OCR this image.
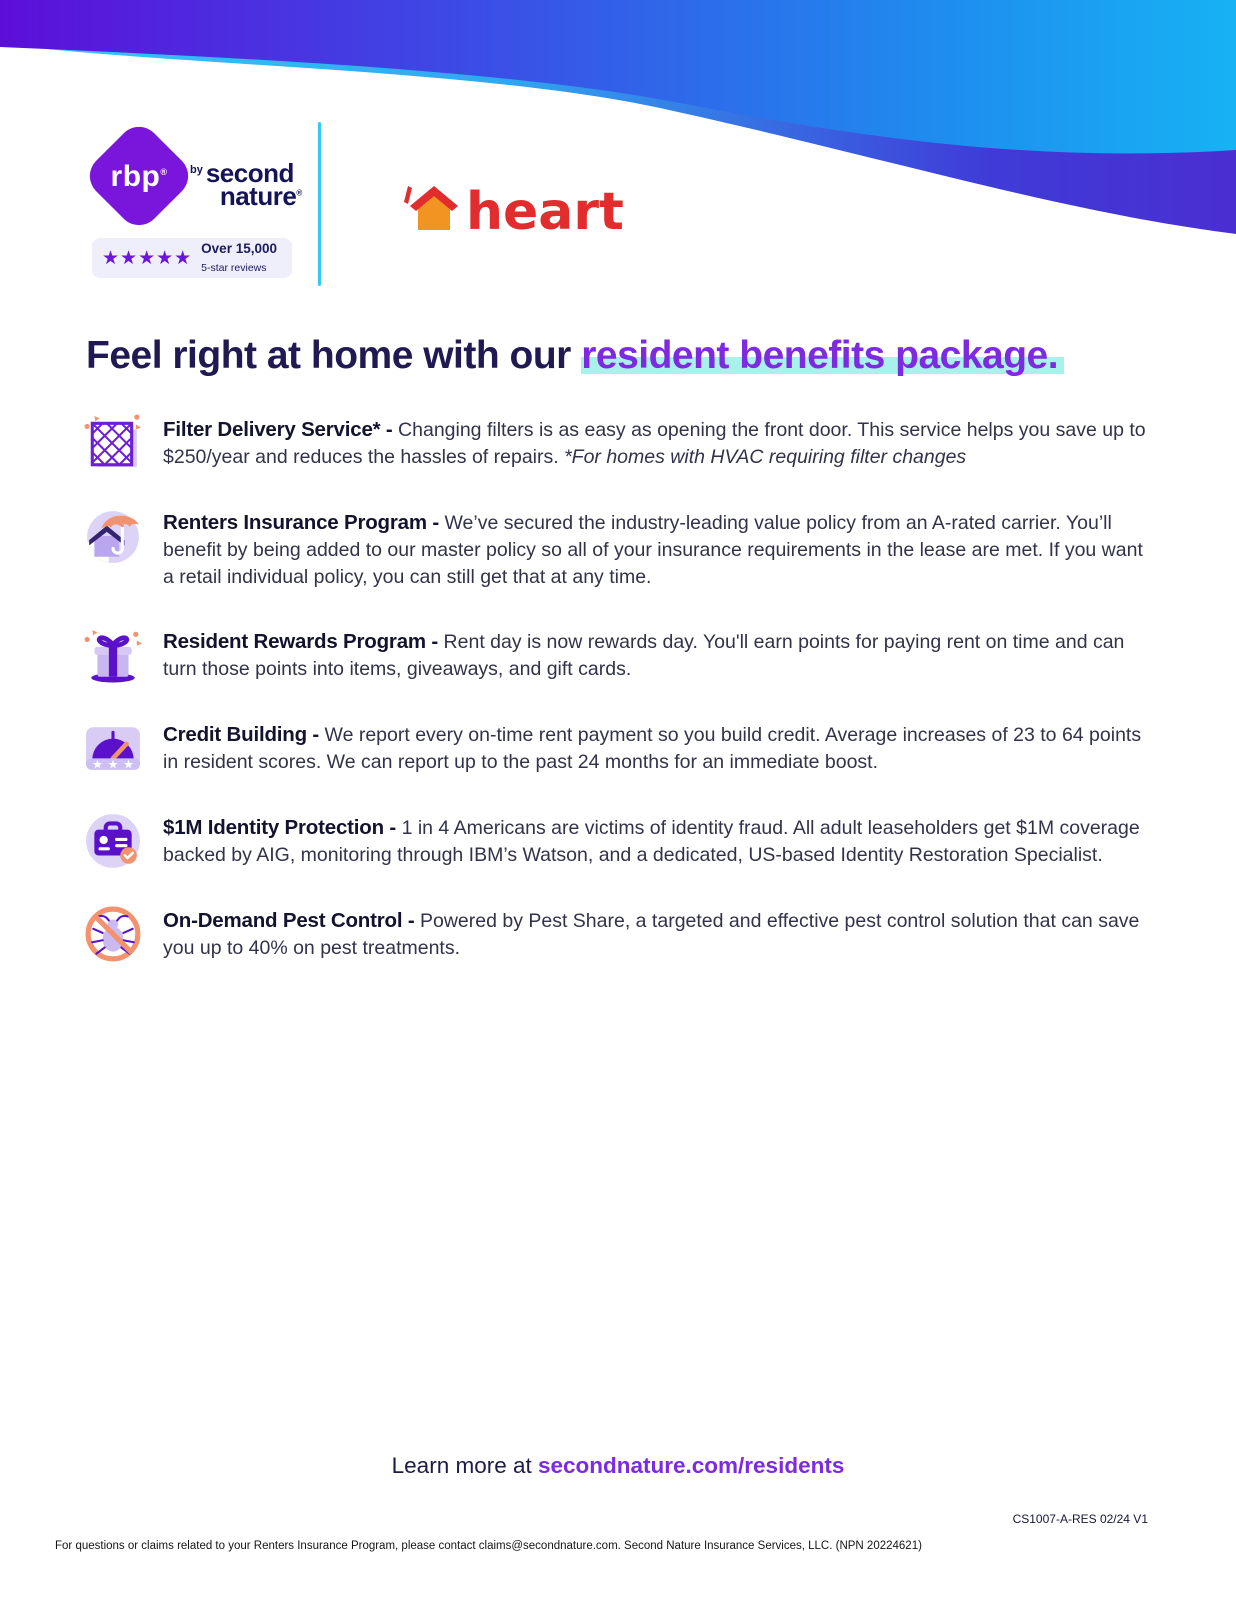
rbp®	by second
nature®
★★★★★ Over 15,000
5-star reviews
heart
Feel right at home with our resident benefits package.

Filter Delivery Service* - Changing filters is as easy as opening the front door. This service helps you save up to $250/year and reduces the hassles of repairs. *For homes with HVAC requiring filter changes

Renters Insurance Program - We’ve secured the industry-leading value policy from an A-rated carrier. You’ll benefit by being added to our master policy so all of your insurance requirements in the lease are met. If you want a retail individual policy, you can still get that at any time.

Resident Rewards Program - Rent day is now rewards day. You'll earn points for paying rent on time and can turn those points into items, giveaways, and gift cards.

★ ★ ★

Credit Building - We report every on-time rent payment so you build credit. Average increases of 23 to 64 points in resident scores. We can report up to the past 24 months for an immediate boost.

$1M Identity Protection - 1 in 4 Americans are victims of identity fraud. All adult leaseholders get $1M coverage backed by AIG, monitoring through IBM’s Watson, and a dedicated, US-based Identity Restoration Specialist.

On-Demand Pest Control - Powered by Pest Share, a targeted and effective pest control solution that can save you up to 40% on pest treatments.

Learn more at secondnature.com/residents
CS1007-A-RES 02/24 V1
For questions or claims related to your Renters Insurance Program, please contact claims@secondnature.com. Second Nature Insurance Services, LLC. (NPN 20224621)
